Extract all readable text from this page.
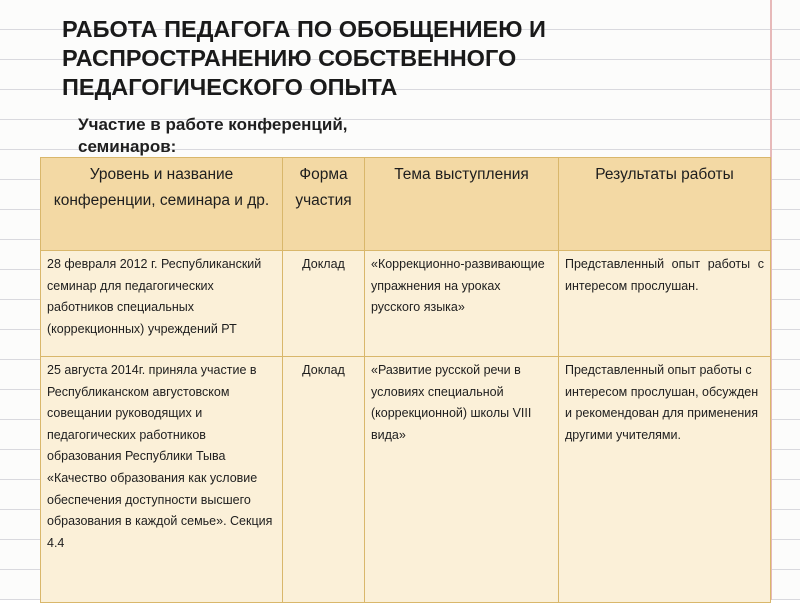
РАБОТА ПЕДАГОГА ПО ОБОБЩЕНИЕЮ И РАСПРОСТРАНЕНИЮ СОБСТВЕННОГО ПЕДАГОГИЧЕСКОГО ОПЫТА

Участие в работе конференций, семинаров:

Уровень и название конференции, семинара и др.	Форма участия	Тема выступления	Результаты работы
28 февраля 2012 г. Республиканский семинар для педагогических работников специальных (коррекционных) учреждений РТ	Доклад	«Коррекционно-развивающие упражнения на уроках русского языка»	Представленный опыт работы с интересом прослушан.
25 августа 2014г. приняла участие в Республиканском августовском совещании руководящих и педагогических работников образования Республики Тыва «Качество образования как условие обеспечения доступности высшего образования в каждой семье». Секция 4.4	Доклад	«Развитие русской речи в условиях специальной (коррекционной) школы VIII вида»	Представленный опыт работы с интересом прослушан, обсужден и рекомендован для применения другими учителями.
